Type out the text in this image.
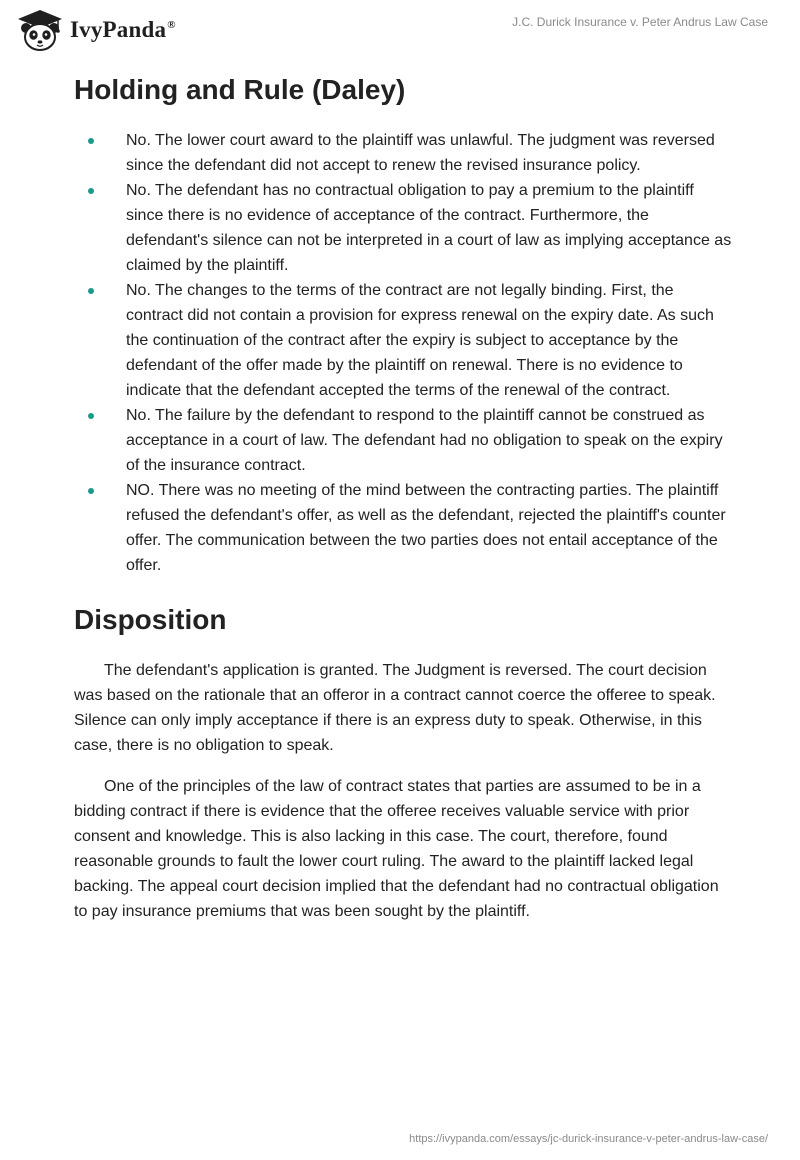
IvyPanda®	J.C. Durick Insurance v. Peter Andrus Law Case
Holding and Rule (Daley)
No. The lower court award to the plaintiff was unlawful. The judgment was reversed since the defendant did not accept to renew the revised insurance policy.
No. The defendant has no contractual obligation to pay a premium to the plaintiff since there is no evidence of acceptance of the contract. Furthermore, the defendant's silence can not be interpreted in a court of law as implying acceptance as claimed by the plaintiff.
No. The changes to the terms of the contract are not legally binding. First, the contract did not contain a provision for express renewal on the expiry date. As such the continuation of the contract after the expiry is subject to acceptance by the defendant of the offer made by the plaintiff on renewal. There is no evidence to indicate that the defendant accepted the terms of the renewal of the contract.
No. The failure by the defendant to respond to the plaintiff cannot be construed as acceptance in a court of law. The defendant had no obligation to speak on the expiry of the insurance contract.
NO. There was no meeting of the mind between the contracting parties. The plaintiff refused the defendant's offer, as well as the defendant, rejected the plaintiff's counter offer. The communication between the two parties does not entail acceptance of the offer.
Disposition

The defendant's application is granted. The Judgment is reversed. The court decision was based on the rationale that an offeror in a contract cannot coerce the offeree to speak. Silence can only imply acceptance if there is an express duty to speak. Otherwise, in this case, there is no obligation to speak.

One of the principles of the law of contract states that parties are assumed to be in a bidding contract if there is evidence that the offeree receives valuable service with prior consent and knowledge. This is also lacking in this case. The court, therefore, found reasonable grounds to fault the lower court ruling. The award to the plaintiff lacked legal backing. The appeal court decision implied that the defendant had no contractual obligation to pay insurance premiums that was been sought by the plaintiff.

https://ivypanda.com/essays/jc-durick-insurance-v-peter-andrus-law-case/
